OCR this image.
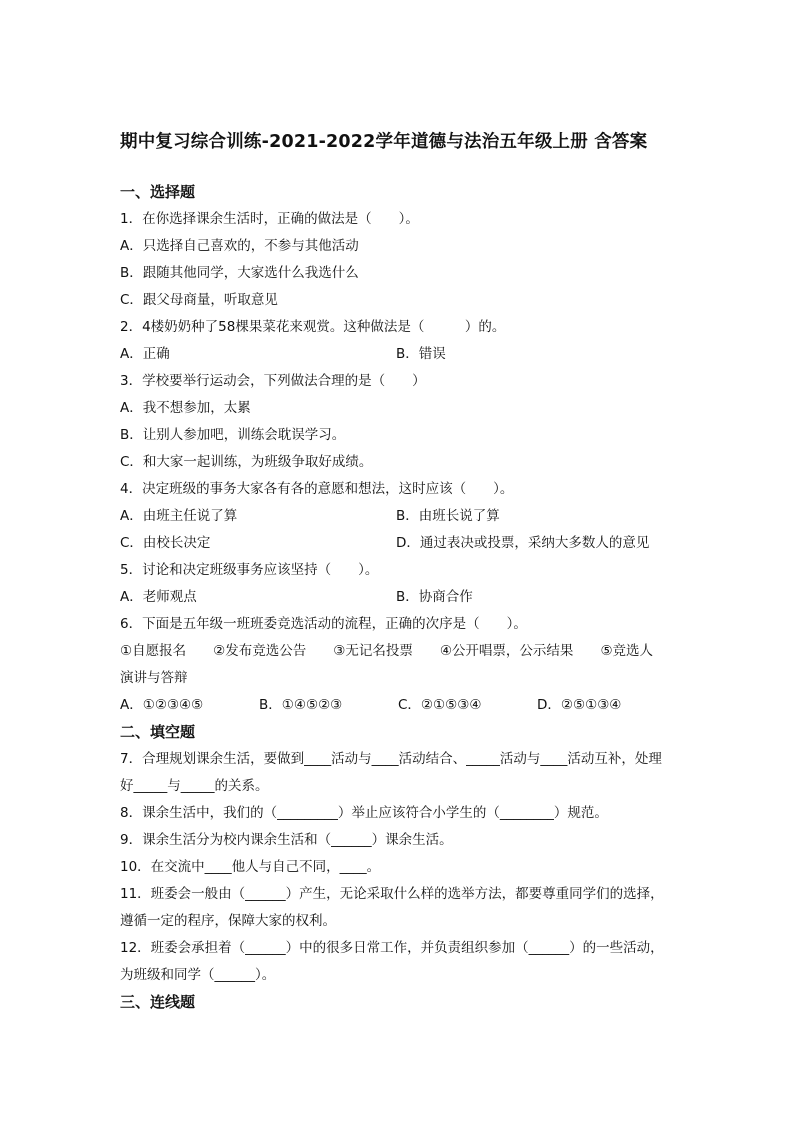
期中复习综合训练-2021-2022学年道德与法治五年级上册 含答案
一、选择题
1．在你选择课余生活时，正确的做法是（　　）。
A．只选择自己喜欢的，不参与其他活动
B．跟随其他同学，大家选什么我选什么
C．跟父母商量，听取意见
2．4楼奶奶种了58棵果菜花来观赏。这种做法是（　　　）的。
A．正确	B．错误
3．学校要举行运动会，下列做法合理的是（　　）
A．我不想参加，太累
B．让别人参加吧，训练会耽误学习。
C．和大家一起训练，为班级争取好成绩。
4．决定班级的事务大家各有各的意愿和想法，这时应该（　　）。
A．由班主任说了算	B．由班长说了算
C．由校长决定	D．通过表决或投票，采纳大多数人的意见
5．讨论和决定班级事务应该坚持（　　）。
A．老师观点	B．协商合作
6．下面是五年级一班班委竞选活动的流程，正确的次序是（　　）。
①自愿报名 ②发布竞选公告 ③无记名投票 ④公开唱票，公示结果 ⑤竞选人
演讲与答辩
A．①②③④⑤	B．①④⑤②③	C．②①⑤③④	D．②⑤①③④
二、填空题
7．合理规划课余生活，要做到____活动与____活动结合、_____活动与____活动互补，处理
好_____与_____的关系。
8．课余生活中，我们的（_________）举止应该符合小学生的（________）规范。
9．课余生活分为校内课余生活和（______）课余生活。
10．在交流中____他人与自己不同，____。
11．班委会一般由（______）产生，无论采取什么样的选举方法，都要尊重同学们的选择，
遵循一定的程序，保障大家的权利。
12．班委会承担着（______）中的很多日常工作，并负责组织参加（______）的一些活动，
为班级和同学（______）。
三、连线题
